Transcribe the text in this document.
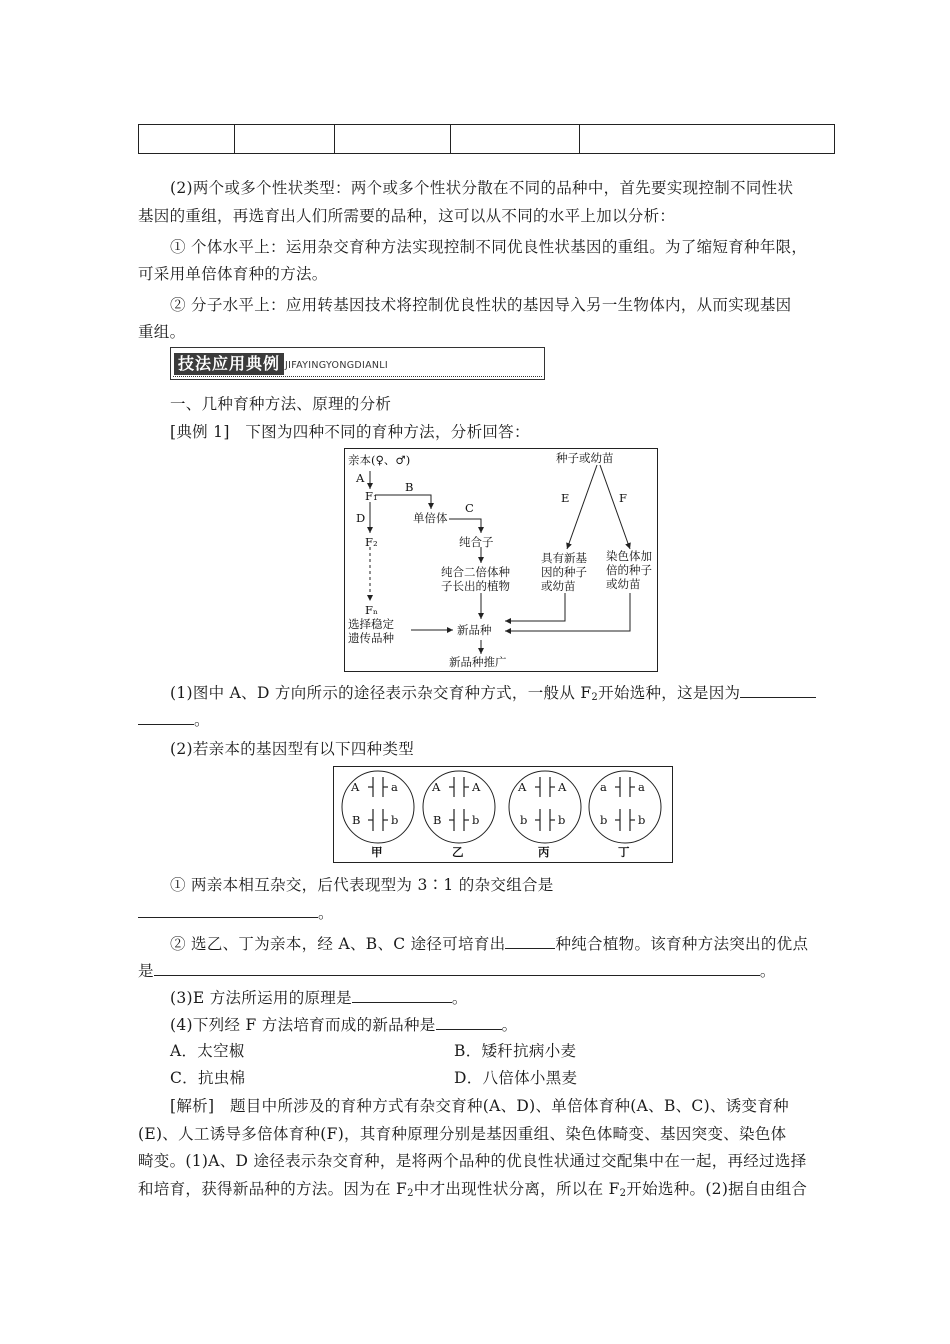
(2)两个或多个性状类型：两个或多个性状分散在不同的品种中，首先要实现控制不同性状
基因的重组，再选育出人们所需要的品种，这可以从不同的水平上加以分析：
① 个体水平上：运用杂交育种方法实现控制不同优良性状基因的重组。为了缩短育种年限，
可采用单倍体育种的方法。
② 分子水平上：应用转基因技术将控制优良性状的基因导入另一生物体内，从而实现基因
重组。
技法应用典例 JIFAYINGYONGDIANLI
一、几种育种方法、原理的分析
[典例 1] 下图为四种不同的育种方法，分析回答：
亲本(♀、♂)
A
F₁
B
D
F₂
单倍体
C
纯合子
纯合二倍体种
子长出的植物
Fₙ
选择稳定
遗传品种
新品种
新品种推广
种子或幼苗
E	F
具有新基
因的种子
或幼苗
染色体加
倍的种子
或幼苗
(1)图中 A、D 方向所示的途径表示杂交育种方式，一般从 $F_2$开始选种，这是因为
。
(2)若亲本的基因型有以下四种类型
A	a
B	b
甲
A	A
B	b
乙
A	A
b	b
丙
a	a
b	b
丁
① 两亲本相互杂交，后代表现型为 3∶1 的杂交组合是
。
② 选乙、丁为亲本，经 A、B、C 途径可培育出	种纯合植物。该育种方法突出的优点
是	。
(3)E 方法所运用的原理是	。
(4)下列经 F 方法培育而成的新品种是	。
A．太空椒	B．矮秆抗病小麦
C．抗虫棉	D．八倍体小黑麦
[解析] 题目中所涉及的育种方式有杂交育种(A、D)、单倍体育种(A、B、C)、诱变育种
(E)、人工诱导多倍体育种(F)，其育种原理分别是基因重组、染色体畸变、基因突变、染色体
畸变。(1)A、D 途径表示杂交育种，是将两个品种的优良性状通过交配集中在一起，再经过选择
和培育，获得新品种的方法。因为在 $F_2$中才出现性状分离，所以在 $F_2$开始选种。(2)据自由组合
